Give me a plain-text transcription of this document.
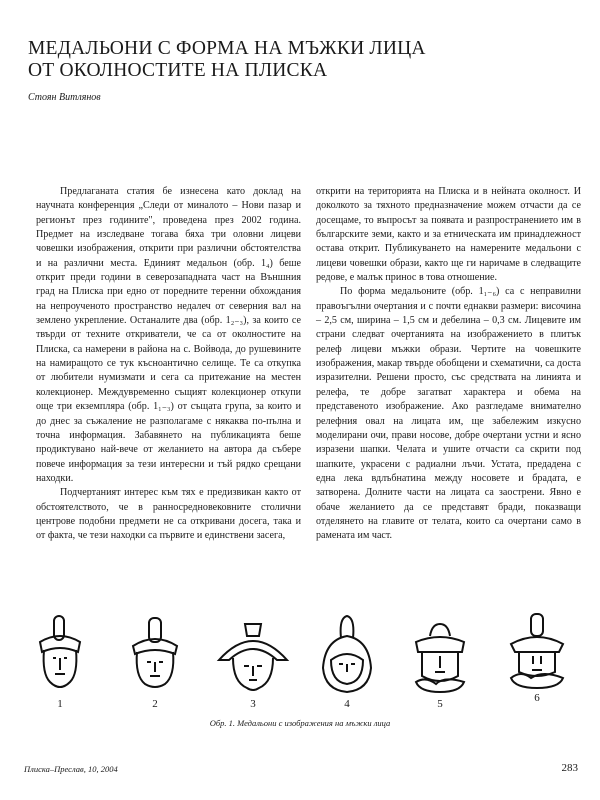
МЕДАЛЬОНИ С ФОРМА НА МЪЖКИ ЛИЦА
ОТ ОКОЛНОСТИТЕ НА ПЛИСКА
Стоян Витлянов

Предлаганата статия бе изнесена като доклад на научната конференция „Следи от миналото – Нови пазар и регионът през годините", проведена през 2002 година. Предмет на изследване тогава бяха три оловни лицеви човешки изображения, открити при различни обстоятелства и на различни места. Единият медальон (обр. 1₄) беше открит преди години в северозападната част на Външния град на Плиска при едно от поредните теренни обхождания на непроученото пространство недалеч от северния вал на землено укрепление. Останалите два (обр. 1₂₋₃), за които се твърди от техните откриватели, че са от околностите на Плиска, са намерени в района на с. Войвода, до рушевините на намиращото се тук късноантично селище. Те са откупка от любители нумизмати и сега са притежание на местен колекционер. Междувременно същият колекционер откупи още три екземпляра (обр. 1₁₋₃) от същата група, за които и до днес за съжаление не разполагаме с някаква по-пълна и точна информация. Забавянето на публикацията беше продиктувано най-вече от желанието на автора да събере повече информация за тези интересни и тъй рядко срещани находки.

Подчертаният интерес към тях е предизвикан както от обстоятелството, че в ранносредновековните столични центрове подобни предмети не са откривани досега, така и от факта, че тези находки са първите и единствени засега,

открити на територията на Плиска и в нейната околност. И доколкото за тяхното предназначение можем отчасти да се досещаме, то въпросът за появата и разпространението им в българските земи, както и за етническата им принадлежност остава открит. Публикуването на намерените медальони с лицеви човешки образи, както ще ги наричаме в следващите редове, е малък принос в това отношение.

По форма медальоните (обр. 1₁₋₆) са с неправилни правоъгълни очертания и с почти еднакви размери: височина – 2,5 см, ширина – 1,5 см и дебелина – 0,3 см. Лицевите им страни следват очертанията на изображението в плитък релеф лицеви мъжки образи. Чертите на човешките изображения, макар твърде обобщени и схематични, са доста изразителни. Решени просто, със средствата на линията и релефа, те добре загатват характера и обема на представеното изображение. Ако разгледаме внимателно релефния овал на лицата им, ще забележим изкусно моделирани очи, прави носове, добре очертани устни и ясно изразени шапки. Челата и ушите отчасти са скрити под шапките, украсени с радиални лъчи. Устата, предадена с една лека вдлъбнатина между носовете и брадата, е затворена. Долните части на лицата са заострени. Явно е обаче желанието да се представят бради, показващи отделянето на главите от телата, които са очертани само в рамената им част.

1	2	3	4	5	6
Обр. 1. Медальони с изображения на мъжки лица
Плиска–Преслав, 10, 2004	283
